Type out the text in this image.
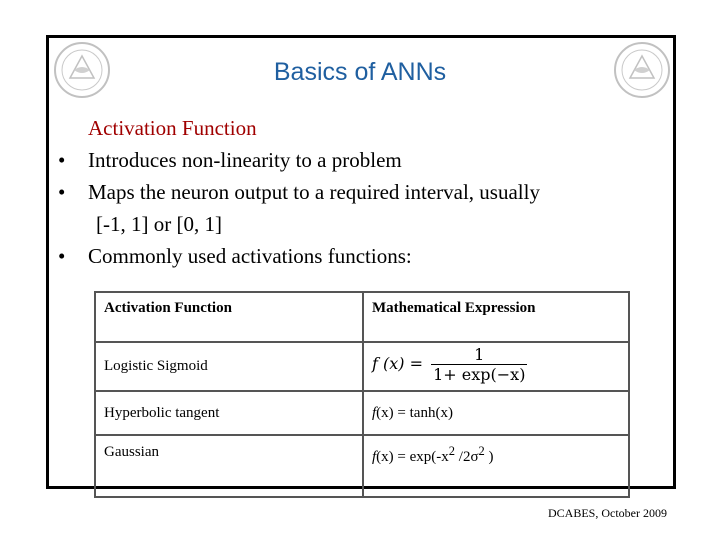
Basics of ANNs
Activation Function
• Introduces non-linearity to a problem
• Maps the neuron output to a required interval, usually
[-1, 1] or [0, 1]
• Commonly used activations functions:
Activation Function	Mathematical Expression
Logistic Sigmoid	f $(x) = \frac{1}{1+ \exp(-x)}$

Hyperbolic tangent	f(x) = tanh(x)
Gaussian	$f(x) = \exp(-x^2$ $/2\sigma^2$ )
DCABES, October 2009
